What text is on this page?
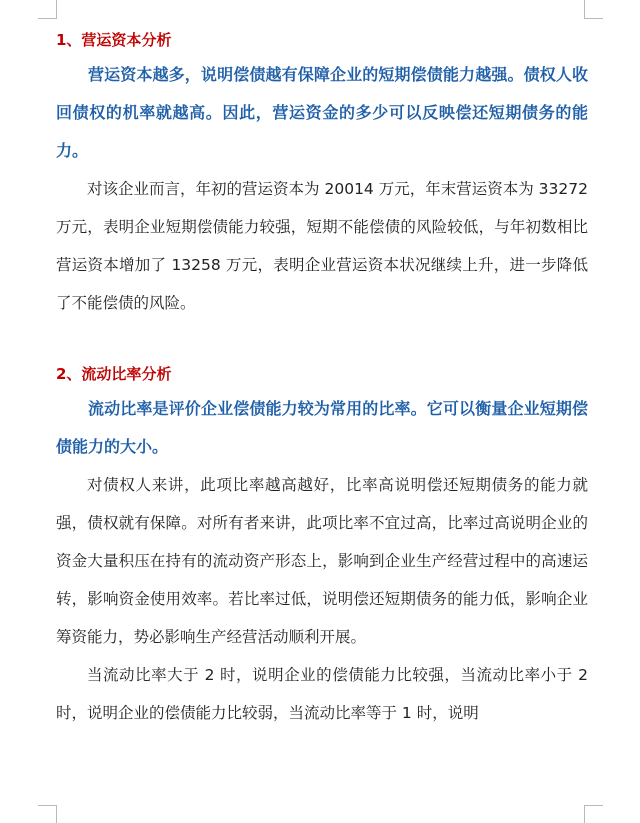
1、营运资本分析

营运资本越多，说明偿债越有保障企业的短期偿债能力越强。债权人收回债权的机率就越高。因此，营运资金的多少可以反映偿还短期债务的能力。

对该企业而言，年初的营运资本为 20014 万元，年末营运资本为 33272 万元，表明企业短期偿债能力较强，短期不能偿债的风险较低，与年初数相比营运资本增加了 13258 万元，表明企业营运资本状况继续上升，进一步降低了不能偿债的风险。

2、流动比率分析

流动比率是评价企业偿债能力较为常用的比率。它可以衡量企业短期偿债能力的大小。

对债权人来讲，此项比率越高越好，比率高说明偿还短期债务的能力就强，债权就有保障。对所有者来讲，此项比率不宜过高，比率过高说明企业的资金大量积压在持有的流动资产形态上，影响到企业生产经营过程中的高速运转，影响资金使用效率。若比率过低，说明偿还短期债务的能力低，影响企业筹资能力，势必影响生产经营活动顺利开展。

当流动比率大于 2 时，说明企业的偿债能力比较强，当流动比率小于 2 时，说明企业的偿债能力比较弱，当流动比率等于 1 时，说明
